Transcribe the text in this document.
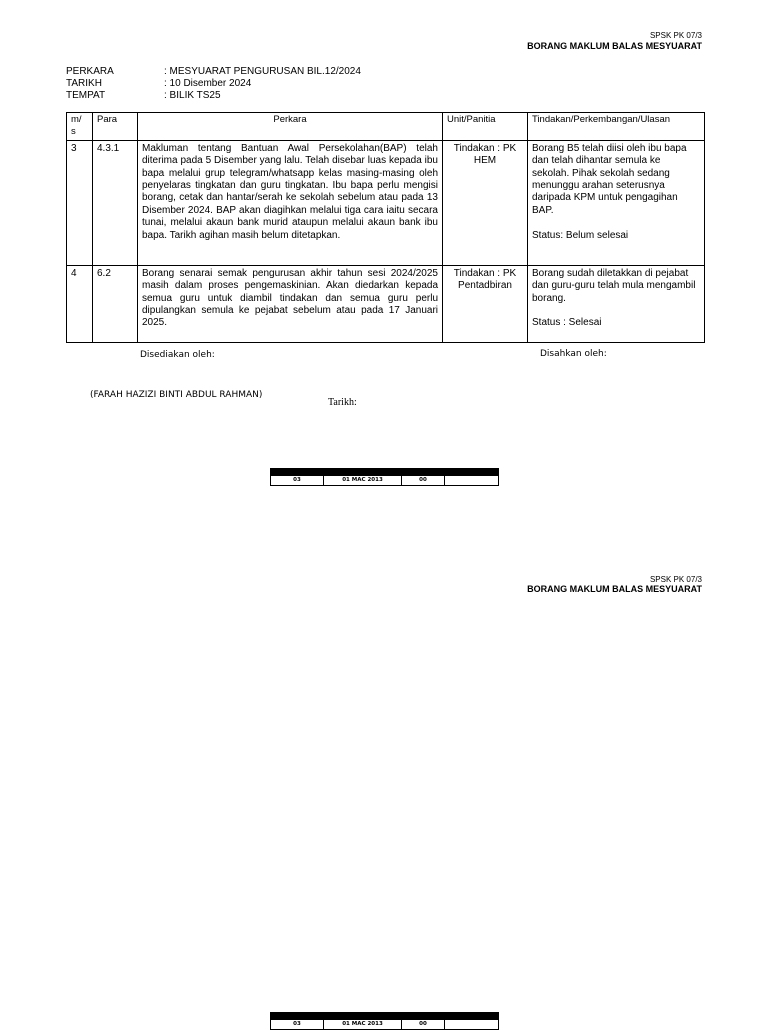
SPSK PK 07/3
BORANG MAKLUM BALAS MESYUARAT
PERKARA	: MESYUARAT PENGURUSAN BIL.12/2024
TARIKH	: 10 Disember 2024
TEMPAT	: BILIK TS25
m/ s	Para	Perkara	Unit/Panitia	Tindakan/Perkembangan/Ulasan
3	4.3.1	Makluman tentang Bantuan Awal Persekolahan(BAP) telah diterima pada 5 Disember yang lalu. Telah disebar luas kepada ibu bapa melalui grup telegram/whatsapp kelas masing-masing oleh penyelaras tingkatan dan guru tingkatan. Ibu bapa perlu mengisi borang, cetak dan hantar/serah ke sekolah sebelum atau pada 13 Disember 2024. BAP akan diagihkan melalui tiga cara iaitu secara tunai, melalui akaun bank murid ataupun melalui akaun bank ibu bapa. Tarikh agihan masih belum ditetapkan.	Tindakan : PK HEM	Borang B5 telah diisi oleh ibu bapa dan telah dihantar semula ke sekolah. Pihak sekolah sedang menunggu arahan seterusnya daripada KPM untuk pengagihan BAP.
Status: Belum selesai

4	6.2	Borang senarai semak pengurusan akhir tahun sesi 2024/2025 masih dalam proses pengemaskinian. Akan diedarkan kepada semua guru untuk diambil tindakan dan semua guru perlu dipulangkan semula ke pejabat sebelum atau pada 17 Januari 2025.	Tindakan : PK Pentadbiran	Borang sudah diletakkan di pejabat dan guru-guru telah mula mengambil borang.
Status : Selesai
Disediakan oleh:	Disahkan oleh:
(FARAH HAZIZI BINTI ABDUL RAHMAN)
Tarikh:

03	01 MAC 2013	00	
SPSK PK 07/3
BORANG MAKLUM BALAS MESYUARAT

03	01 MAC 2013	00	
